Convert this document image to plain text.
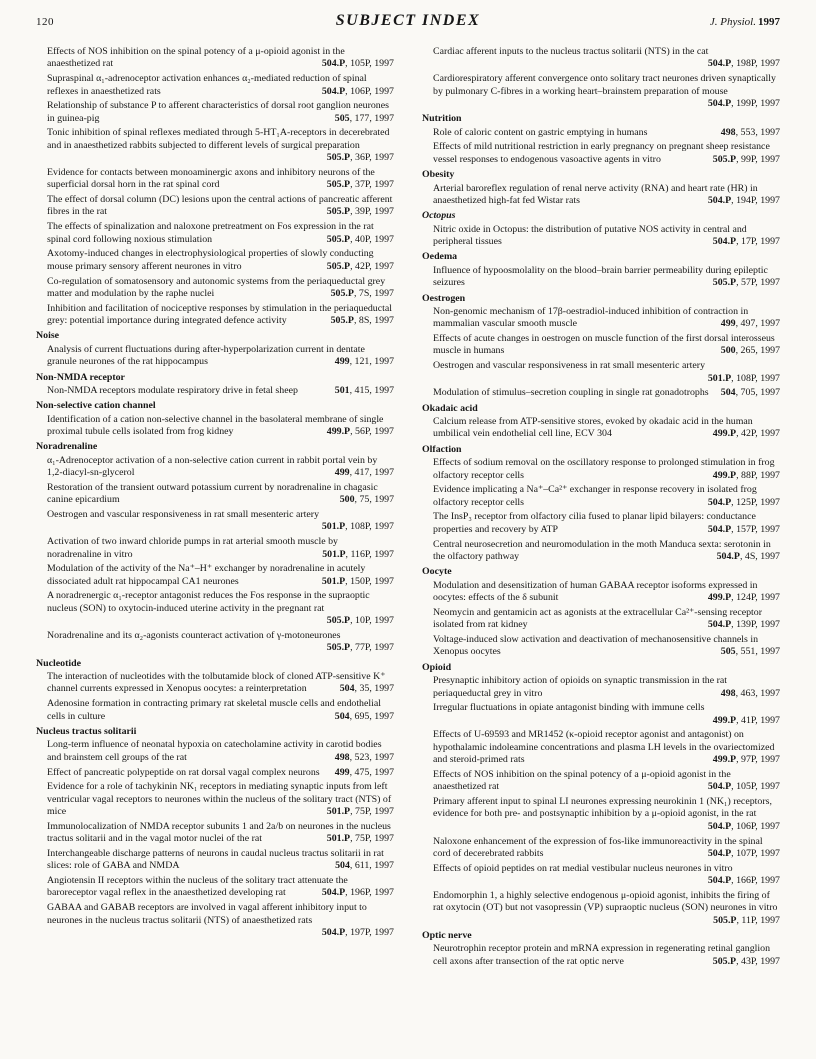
120	SUBJECT INDEX	J. Physiol. 1997

Effects of NOS inhibition on the spinal potency of a μ-opioid agonist in the anaesthetized rat	504.P, 105P, 1997

Supraspinal α₁-adrenoceptor activation enhances α₂-mediated reduction of spinal reflexes in anaesthetized rats	504.P, 106P, 1997

Relationship of substance P to afferent characteristics of dorsal root ganglion neurones in guinea-pig	505, 177, 1997

Tonic inhibition of spinal reflexes mediated through 5-HT₁A-receptors in decerebrated and in anaesthetized rabbits subjected to different levels of surgical preparation
505.P, 36P, 1997

Evidence for contacts between monoaminergic axons and inhibitory neurons of the superficial dorsal horn in the rat spinal cord	505.P, 37P, 1997

The effect of dorsal column (DC) lesions upon the central actions of pancreatic afferent fibres in the rat	505.P, 39P, 1997

The effects of spinalization and naloxone pretreatment on Fos expression in the rat spinal cord following noxious stimulation	505.P, 40P, 1997

Axotomy-induced changes in electrophysiological properties of slowly conducting mouse primary sensory afferent neurones in vitro	505.P, 42P, 1997

Co-regulation of somatosensory and autonomic systems from the periaqueductal grey matter and modulation by the raphe nuclei	505.P, 7S, 1997

Inhibition and facilitation of nociceptive responses by stimulation in the periaqueductal grey: potential importance during integrated defence activity	505.P, 8S, 1997

Noise

Analysis of current fluctuations during after-hyperpolarization current in dentate granule neurones of the rat hippocampus	499, 121, 1997

Non-NMDA receptor

Non-NMDA receptors modulate respiratory drive in fetal sheep	501, 415, 1997

Non-selective cation channel

Identification of a cation non-selective channel in the basolateral membrane of single proximal tubule cells isolated from frog kidney	499.P, 56P, 1997

Noradrenaline

α₁-Adrenoceptor activation of a non-selective cation current in rabbit portal vein by 1,2-diacyl-sn-glycerol	499, 417, 1997

Restoration of the transient outward potassium current by noradrenaline in chagasic canine epicardium	500, 75, 1997

Oestrogen and vascular responsiveness in rat small mesenteric artery
501.P, 108P, 1997

Activation of two inward chloride pumps in rat arterial smooth muscle by noradrenaline in vitro	501.P, 116P, 1997

Modulation of the activity of the Na⁺–H⁺ exchanger by noradrenaline in acutely dissociated adult rat hippocampal CA1 neurones	501.P, 150P, 1997

A noradrenergic α₁-receptor antagonist reduces the Fos response in the supraoptic nucleus (SON) to oxytocin-induced uterine activity in the pregnant rat
505.P, 10P, 1997

Noradrenaline and its α₂-agonists counteract activation of γ-motoneurones
505.P, 77P, 1997

Nucleotide

The interaction of nucleotides with the tolbutamide block of cloned ATP-sensitive K⁺ channel currents expressed in Xenopus oocytes: a reinterpretation	504, 35, 1997

Adenosine formation in contracting primary rat skeletal muscle cells and endothelial cells in culture	504, 695, 1997

Nucleus tractus solitarii

Long-term influence of neonatal hypoxia on catecholamine activity in carotid bodies and brainstem cell groups of the rat	498, 523, 1997

Effect of pancreatic polypeptide on rat dorsal vagal complex neurons	499, 475, 1997

Evidence for a role of tachykinin NK₁ receptors in mediating synaptic inputs from left ventricular vagal receptors to neurones within the nucleus of the solitary tract (NTS) of mice	501.P, 75P, 1997

Immunolocalization of NMDA receptor subunits 1 and 2a/b on neurones in the nucleus tractus solitarii and in the vagal motor nuclei of the rat	501.P, 75P, 1997

Interchangeable discharge patterns of neurons in caudal nucleus tractus solitarii in rat slices: role of GABA and NMDA	504, 611, 1997

Angiotensin II receptors within the nucleus of the solitary tract attenuate the baroreceptor vagal reflex in the anaesthetized developing rat	504.P, 196P, 1997

GABAA and GABAB receptors are involved in vagal afferent inhibitory input to neurones in the nucleus tractus solitarii (NTS) of anaesthetized rats
504.P, 197P, 1997

Cardiac afferent inputs to the nucleus tractus solitarii (NTS) in the cat
504.P, 198P, 1997

Cardiorespiratory afferent convergence onto solitary tract neurones driven synaptically by pulmonary C-fibres in a working heart–brainstem preparation of mouse
504.P, 199P, 1997

Nutrition

Role of caloric content on gastric emptying in humans	498, 553, 1997

Effects of mild nutritional restriction in early pregnancy on pregnant sheep resistance vessel responses to endogenous vasoactive agents in vitro	505.P, 99P, 1997

Obesity

Arterial baroreflex regulation of renal nerve activity (RNA) and heart rate (HR) in anaesthetized high-fat fed Wistar rats	504.P, 194P, 1997

Octopus

Nitric oxide in Octopus: the distribution of putative NOS activity in central and peripheral tissues	504.P, 17P, 1997

Oedema

Influence of hypoosmolality on the blood–brain barrier permeability during epileptic seizures	505.P, 57P, 1997

Oestrogen

Non-genomic mechanism of 17β-oestradiol-induced inhibition of contraction in mammalian vascular smooth muscle	499, 497, 1997

Effects of acute changes in oestrogen on muscle function of the first dorsal interosseus muscle in humans	500, 265, 1997

Oestrogen and vascular responsiveness in rat small mesenteric artery
501.P, 108P, 1997

Modulation of stimulus–secretion coupling in single rat gonadotrophs	504, 705, 1997

Okadaic acid

Calcium release from ATP-sensitive stores, evoked by okadaic acid in the human umbilical vein endothelial cell line, ECV 304	499.P, 42P, 1997

Olfaction

Effects of sodium removal on the oscillatory response to prolonged stimulation in frog olfactory receptor cells	499.P, 88P, 1997

Evidence implicating a Na⁺–Ca²⁺ exchanger in response recovery in isolated frog olfactory receptor cells	504.P, 125P, 1997

The InsP₃ receptor from olfactory cilia fused to planar lipid bilayers: conductance properties and recovery by ATP	504.P, 157P, 1997

Central neurosecretion and neuromodulation in the moth Manduca sexta: serotonin in the olfactory pathway	504.P, 4S, 1997

Oocyte

Modulation and desensitization of human GABAA receptor isoforms expressed in oocytes: effects of the δ subunit	499.P, 124P, 1997

Neomycin and gentamicin act as agonists at the extracellular Ca²⁺-sensing receptor isolated from rat kidney	504.P, 139P, 1997

Voltage-induced slow activation and deactivation of mechanosensitive channels in Xenopus oocytes	505, 551, 1997

Opioid

Presynaptic inhibitory action of opioids on synaptic transmission in the rat periaqueductal grey in vitro	498, 463, 1997

Irregular fluctuations in opiate antagonist binding with immune cells
499.P, 41P, 1997

Effects of U-69593 and MR1452 (κ-opioid receptor agonist and antagonist) on hypothalamic indoleamine concentrations and plasma LH levels in the ovariectomized and steroid-primed rats	499.P, 97P, 1997

Effects of NOS inhibition on the spinal potency of a μ-opioid agonist in the anaesthetized rat	504.P, 105P, 1997

Primary afferent input to spinal LI neurones expressing neurokinin 1 (NK₁) receptors, evidence for both pre- and postsynaptic inhibition by a μ-opioid agonist, in the rat
504.P, 106P, 1997

Naloxone enhancement of the expression of fos-like immunoreactivity in the spinal cord of decerebrated rabbits	504.P, 107P, 1997

Effects of opioid peptides on rat medial vestibular nucleus neurones in vitro
504.P, 166P, 1997

Endomorphin 1, a highly selective endogenous μ-opioid agonist, inhibits the firing of rat oxytocin (OT) but not vasopressin (VP) supraoptic nucleus (SON) neurones in vitro
505.P, 11P, 1997

Optic nerve

Neurotrophin receptor protein and mRNA expression in regenerating retinal ganglion cell axons after transection of the rat optic nerve	505.P, 43P, 1997
